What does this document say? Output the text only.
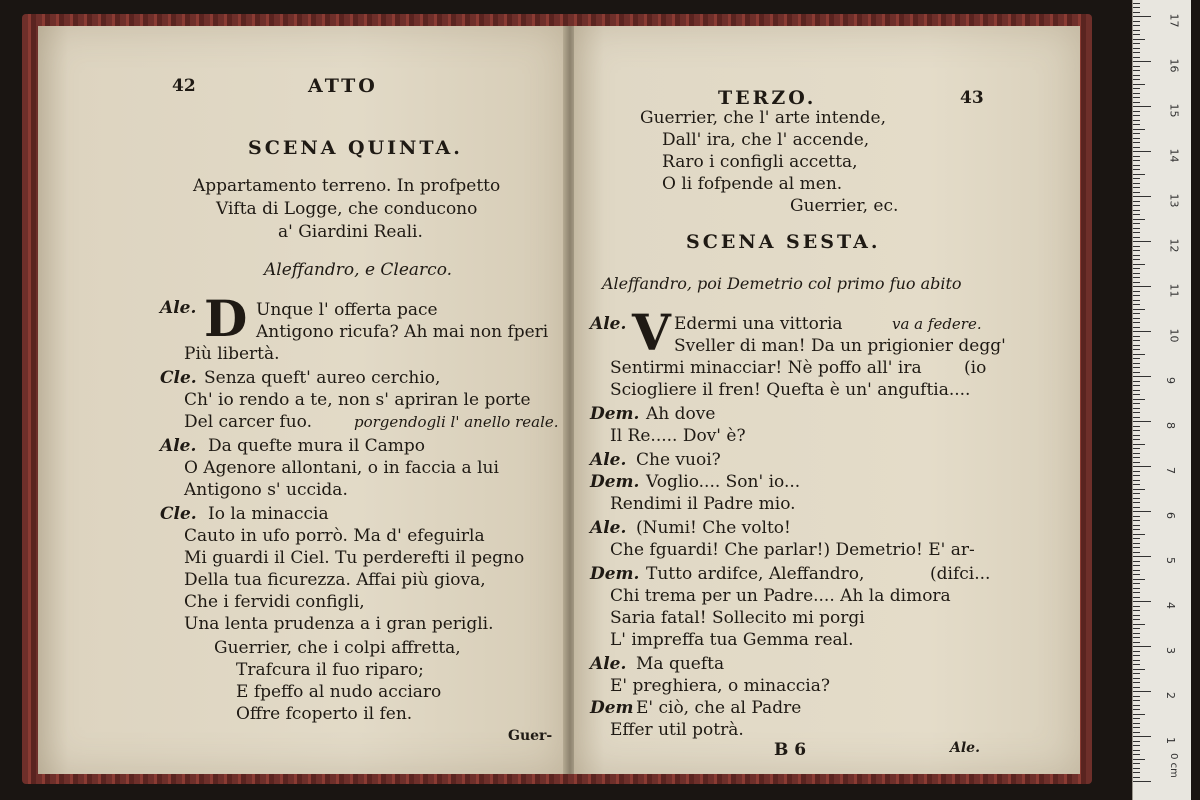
42	ATTO
SCENA QUINTA.
Appartamento terreno. In profpetto
Vifta di Logge, che conducono
a' Giardini Reali.
Aleffandro, e Clearco.
Ale. D Unque l' offerta pace
Antigono ricufa? Ah mai non fperi
Più libertà.
Cle. Senza queft' aureo cerchio,
Ch' io rendo a te, non s' apriran le porte
Del carcer fuo.	porgendogli l' anello reale.
Ale. Da quefte mura il Campo
O Agenore allontani, o in faccia a lui
Antigono s' uccida.
Cle. Io la minaccia
Cauto in ufo porrò. Ma d' efeguirla
Mi guardi il Ciel. Tu perderefti il pegno
Della tua ficurezza. Affai più giova,
Che i fervidi configli,
Una lenta prudenza a i gran perigli.
Guerrier, che i colpi affretta,
Trafcura il fuo riparo;
E fpeffo al nudo acciaro
Offre fcoperto il fen.
Guer-
TERZO.	43
Guerrier, che l' arte intende,
Dall' ira, che l' accende,
Raro i configli accetta,
O li fofpende al men.
Guerrier, ec.
SCENA SESTA.
Aleffandro, poi Demetrio col primo fuo abito
Ale. V Edermi una vittoria	va a federe.
Sveller di man! Da un prigionier degg'
Sentirmi minacciar! Nè poffo all' ira (io
Sciogliere il fren! Quefta è un' anguftia....
Dem. Ah dove
Il Re..... Dov' è?
Ale. Che vuoi?
Dem. Voglio.... Son' io...
Rendimi il Padre mio.
Ale. (Numi! Che volto!
Che fguardi! Che parlar!) Demetrio! E' ar-
Dem. Tutto ardifce, Aleffandro,	(difci...
Chi trema per un Padre.... Ah la dimora
Saria fatal! Sollecito mi porgi
L' impreffa tua Gemma real.
Ale. Ma quefta
E' preghiera, o minaccia?
Dem E' ciò, che al Padre
Effer util potrà.
B 6	Ale.
0 cm
1
2
3
4
5
6
7
8
9
10
11
12
13
14
15
16
17
